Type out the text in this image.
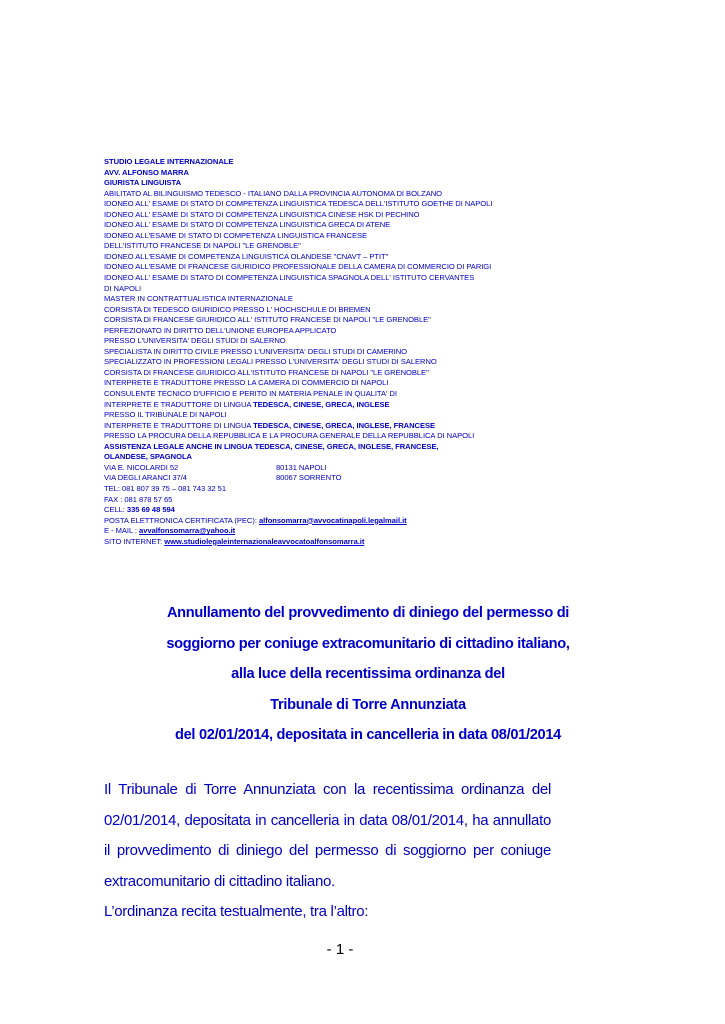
STUDIO LEGALE INTERNAZIONALE
AVV. ALFONSO MARRA
GIURISTA LINGUISTA
ABILITATO AL BILINGUISMO TEDESCO - ITALIANO DALLA PROVINCIA AUTONOMA DI BOLZANO
IDONEO ALL' ESAME DI STATO DI COMPETENZA LINGUISTICA TEDESCA DELL'ISTITUTO GOETHE DI NAPOLI
IDONEO ALL' ESAME DI STATO DI COMPETENZA LINGUISTICA CINESE HSK DI PECHINO
IDONEO ALL' ESAME DI STATO DI COMPETENZA LINGUISTICA GRECA DI ATENE
IDONEO ALL'ESAME DI STATO DI COMPETENZA LINGUISTICA FRANCESE
DELL'ISTITUTO FRANCESE DI NAPOLI "LE GRENOBLE"
IDONEO ALL'ESAME DI COMPETENZA LINGUISTICA OLANDESE "CNAVT – PTIT"
IDONEO ALL'ESAME DI FRANCESE GIURIDICO PROFESSIONALE DELLA CAMERA DI COMMERCIO DI PARIGI
IDONEO ALL' ESAME DI STATO DI COMPETENZA LINGUISTICA SPAGNOLA DELL' ISTITUTO CERVANTES
DI NAPOLI
MASTER IN CONTRATTUALISTICA INTERNAZIONALE
CORSISTA DI TEDESCO GIURIDICO PRESSO L' HOCHSCHULE DI BREMEN
CORSISTA DI FRANCESE GIURIDICO ALL' ISTITUTO FRANCESE DI NAPOLI "LE GRENOBLE"
PERFEZIONATO IN DIRITTO DELL'UNIONE EUROPEA APPLICATO
PRESSO L'UNIVERSITA' DEGLI STUDI DI SALERNO
SPECIALISTA IN DIRITTO CIVILE PRESSO L'UNIVERSITA' DEGLI STUDI DI CAMERINO
SPECIALIZZATO IN PROFESSIONI LEGALI PRESSO L'UNIVERSITA' DEGLI STUDI DI SALERNO
CORSISTA DI FRANCESE GIURIDICO ALL'ISTITUTO FRANCESE DI NAPOLI "LE GRENOBLE"
INTERPRETE E TRADUTTORE PRESSO LA CAMERA DI COMMERCIO DI NAPOLI
CONSULENTE TECNICO D'UFFICIO E PERITO IN MATERIA PENALE IN QUALITA' DI
INTERPRETE E TRADUTTORE DI LINGUA TEDESCA, CINESE, GRECA, INGLESE
PRESSO IL TRIBUNALE DI NAPOLI
INTERPRETE E TRADUTTORE DI LINGUA TEDESCA, CINESE, GRECA, INGLESE, FRANCESE
PRESSO LA PROCURA DELLA REPUBBLICA E LA PROCURA GENERALE DELLA REPUBBLICA DI NAPOLI
ASSISTENZA LEGALE ANCHE IN LINGUA TEDESCA, CINESE, GRECA, INGLESE, FRANCESE,
OLANDESE, SPAGNOLA
VIA E. NICOLARDI 52	80131 NAPOLI
VIA DEGLI ARANCI 37/4	80067 SORRENTO
TEL: 081 807 39 75 – 081 743 32 51
FAX : 081 878 57 65
CELL: 335 69 48 594
POSTA ELETTRONICA CERTIFICATA (PEC): alfonsomarra@avvocatinapoli.legalmail.it
E - MAIL : avvalfonsomarra@yahoo.it
SITO INTERNET: www.studiolegaleinternazionaleavvocatoalfonsomarra.it
Annullamento del provvedimento di diniego del permesso di
soggiorno per coniuge extracomunitario di cittadino italiano,
alla luce della recentissima ordinanza del
Tribunale di Torre Annunziata
del 02/01/2014, depositata in cancelleria in data 08/01/2014

Il Tribunale di Torre Annunziata con la recentissima ordinanza del 02/01/2014, depositata in cancelleria in data 08/01/2014, ha annullato il provvedimento di diniego del permesso di soggiorno per coniuge extracomunitario di cittadino italiano.

L’ordinanza recita testualmente, tra l’altro:

- 1 -
